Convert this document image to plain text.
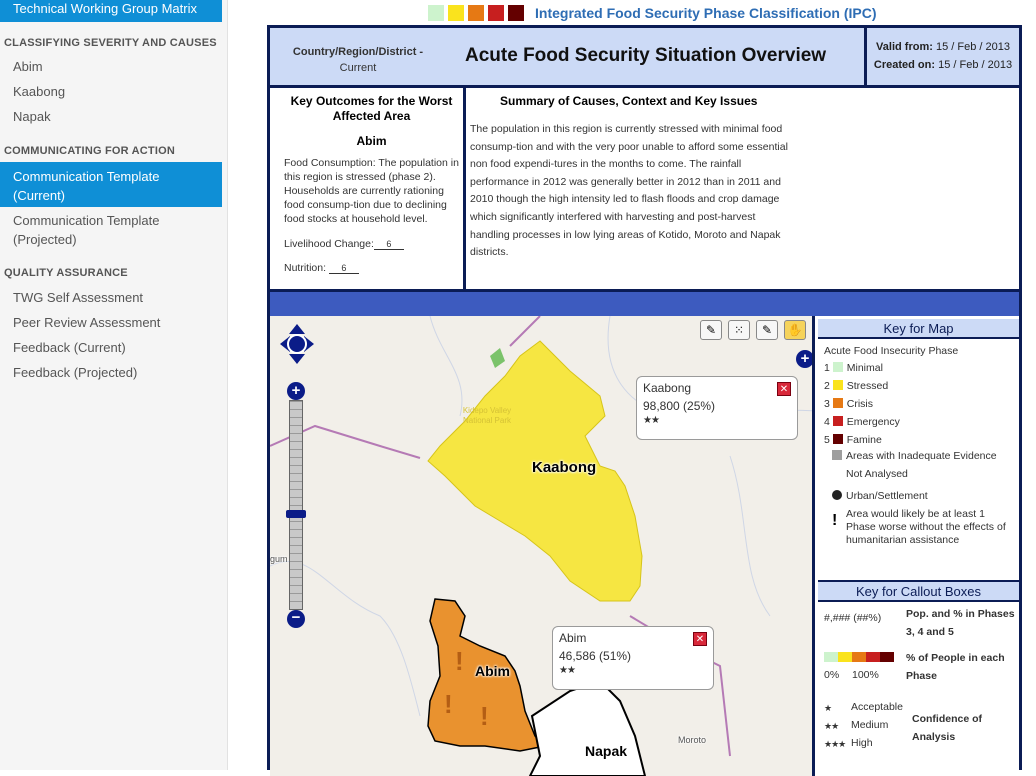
Technical Working Group Matrix
CLASSIFYING SEVERITY AND CAUSES
Abim
Kaabong
Napak
COMMUNICATING FOR ACTION
Communication Template
(Current)
Communication Template
(Projected)
QUALITY ASSURANCE
TWG Self Assessment
Peer Review Assessment
Feedback (Current)
Feedback (Projected)
Integrated Food Security Phase Classification (IPC)
Country/Region/District -
Current
Acute Food Security Situation Overview	Valid from: 15 / Feb / 2013
Created on: 15 / Feb / 2013
Key Outcomes for the Worst Affected Area
Abim

Food Consumption: The population in this region is stressed (phase 2). Households are currently rationing food consump-tion due to declining food stocks at household level.

Livelihood Change: 6
Nutrition: 6
Summary of Causes, Context and Key Issues

The population in this region is currently stressed with minimal food consump-tion and with the very poor unable to afford some essential non food expendi-tures in the months to come. The rainfall performance in 2012 was generally better in 2012 than in 2011 and 2010 though the high intensity led to flash floods and crop damage which significantly interfered with harvesting and post-harvest handling processes in low lying areas of Kotido, Moroto and Napak districts.

Kaabong
Abim
Napak
Moroto
gum
Kidepo Valley National Park
!
! !
+
−
✎	⁙	✎	✋
+
Kaabong
98,800 (25%)
★★
✕
Abim
46,586 (51%)
★★
✕
Key for Map
Acute Food Insecurity Phase
1 Minimal
2 Stressed
3 Crisis
4 Emergency
5 Famine
Areas with Inadequate Evidence
Not Analysed
Urban/Settlement
! Area would likely be at least 1 Phase worse without the effects of humanitarian assistance
Key for Callout Boxes
#,### (##%) Pop. and % in Phases 3, 4 and 5
0% 100%
% of People in each Phase
★ Acceptable
★★ Medium
★★★ High
Confidence of Analysis
